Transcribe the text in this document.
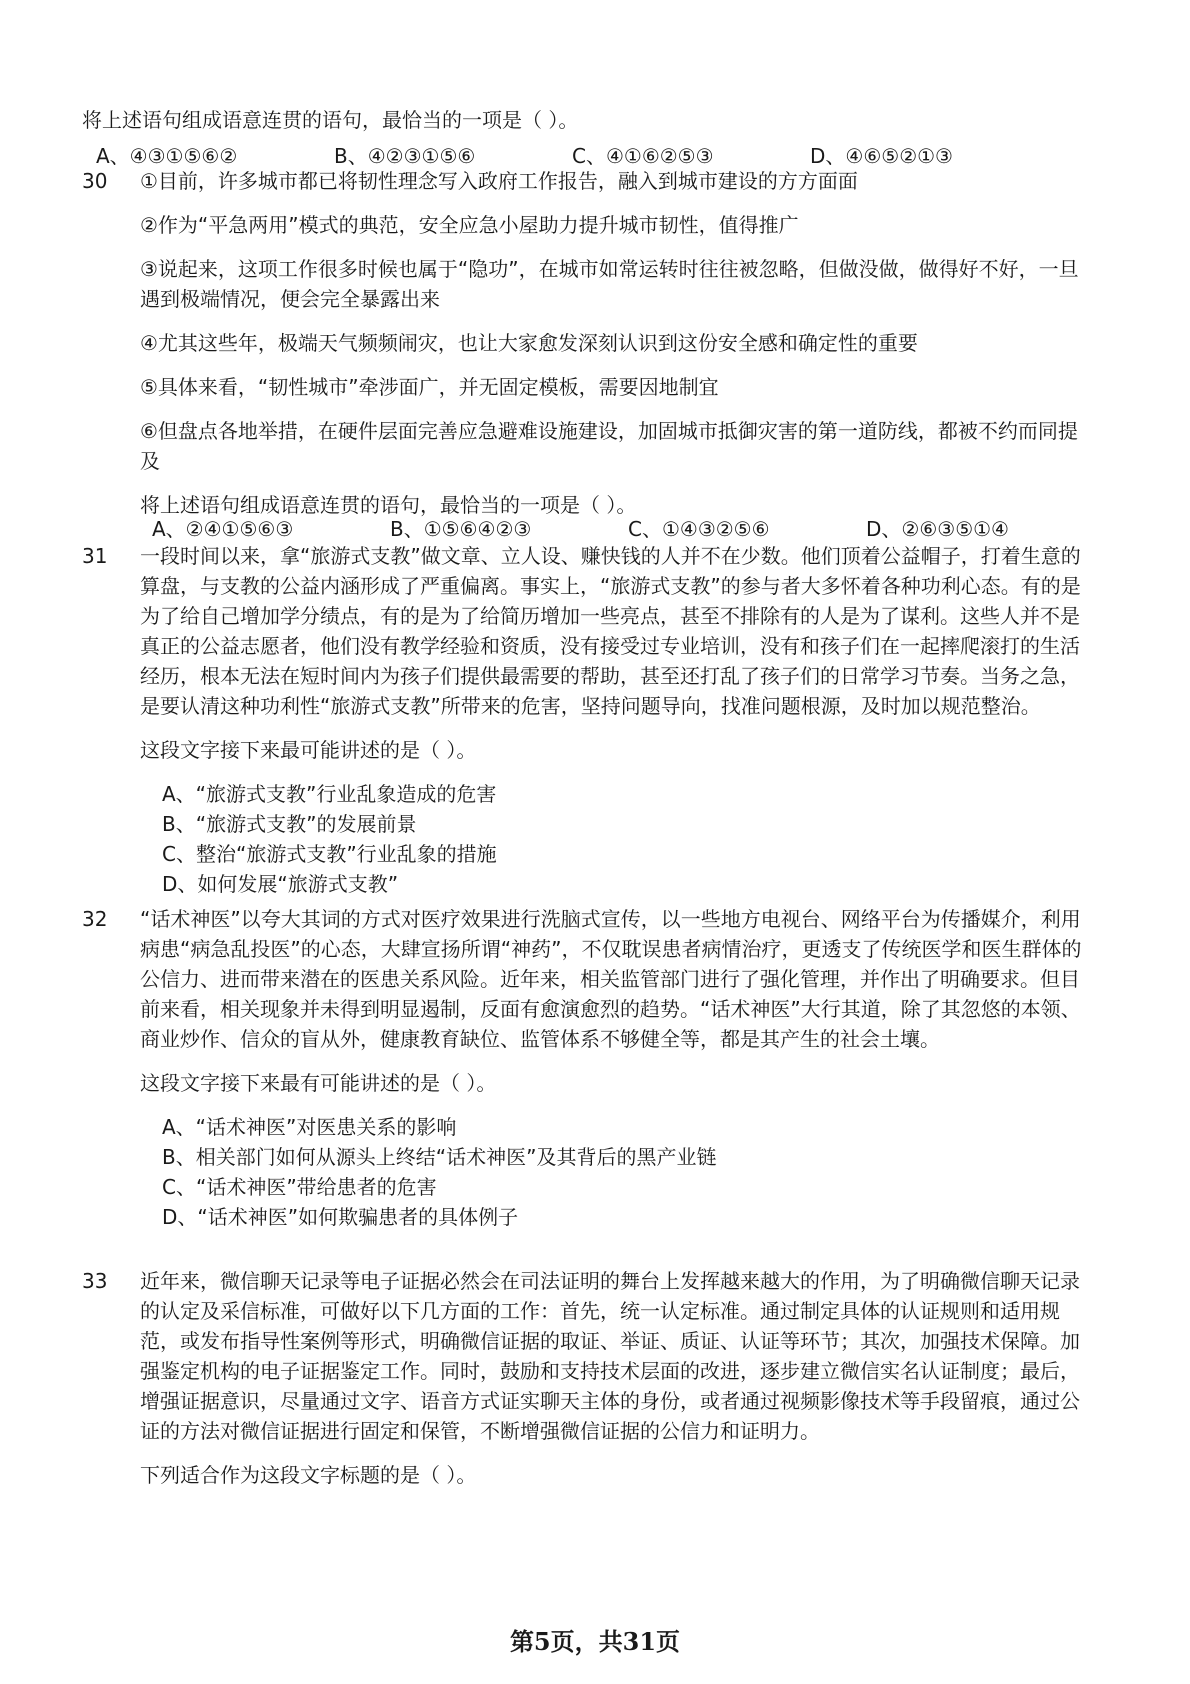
将上述语句组成语意连贯的语句，最恰当的一项是（ ）。
A、④③①⑤⑥②	B、④②③①⑤⑥	C、④①⑥②⑤③	D、④⑥⑤②①③
30	①目前，许多城市都已将韧性理念写入政府工作报告，融入到城市建设的方方面面

②作为“平急两用”模式的典范，安全应急小屋助力提升城市韧性，值得推广

③说起来，这项工作很多时候也属于“隐功”，在城市如常运转时往往被忽略，但做没做，做得好不好，一旦遇到极端情况，便会完全暴露出来

④尤其这些年，极端天气频频闹灾，也让大家愈发深刻认识到这份安全感和确定性的重要

⑤具体来看，“韧性城市”牵涉面广，并无固定模板，需要因地制宜

⑥但盘点各地举措，在硬件层面完善应急避难设施建设，加固城市抵御灾害的第一道防线，都被不约而同提及

将上述语句组成语意连贯的语句，最恰当的一项是（ ）。

A、②④①⑤⑥③	B、①⑤⑥④②③	C、①④③②⑤⑥	D、②⑥③⑤①④
31	一段时间以来，拿“旅游式支教”做文章、立人设、赚快钱的人并不在少数。他们顶着公益帽子，打着生意的算盘，与支教的公益内涵形成了严重偏离。事实上，“旅游式支教”的参与者大多怀着各种功利心态。有的是为了给自己增加学分绩点，有的是为了给简历增加一些亮点，甚至不排除有的人是为了谋利。这些人并不是真正的公益志愿者，他们没有教学经验和资质，没有接受过专业培训，没有和孩子们在一起摔爬滚打的生活经历，根本无法在短时间内为孩子们提供最需要的帮助，甚至还打乱了孩子们的日常学习节奏。当务之急，是要认清这种功利性“旅游式支教”所带来的危害，坚持问题导向，找准问题根源，及时加以规范整治。

这段文字接下来最可能讲述的是（ ）。

A、“旅游式支教”行业乱象造成的危害

B、“旅游式支教”的发展前景

C、整治“旅游式支教”行业乱象的措施

D、如何发展“旅游式支教”

32	“话术神医”以夸大其词的方式对医疗效果进行洗脑式宣传，以一些地方电视台、网络平台为传播媒介，利用病患“病急乱投医”的心态，大肆宣扬所谓“神药”，不仅耽误患者病情治疗，更透支了传统医学和医生群体的公信力、进而带来潜在的医患关系风险。近年来，相关监管部门进行了强化管理，并作出了明确要求。但目前来看，相关现象并未得到明显遏制，反面有愈演愈烈的趋势。“话术神医”大行其道，除了其忽悠的本领、商业炒作、信众的盲从外，健康教育缺位、监管体系不够健全等，都是其产生的社会土壤。

这段文字接下来最有可能讲述的是（ ）。

A、“话术神医”对医患关系的影响

B、相关部门如何从源头上终结“话术神医”及其背后的黑产业链

C、“话术神医”带给患者的危害

D、“话术神医”如何欺骗患者的具体例子

33	近年来，微信聊天记录等电子证据必然会在司法证明的舞台上发挥越来越大的作用，为了明确微信聊天记录的认定及采信标准，可做好以下几方面的工作：首先，统一认定标准。通过制定具体的认证规则和适用规范，或发布指导性案例等形式，明确微信证据的取证、举证、质证、认证等环节；其次，加强技术保障。加强鉴定机构的电子证据鉴定工作。同时，鼓励和支持技术层面的改进，逐步建立微信实名认证制度；最后，增强证据意识，尽量通过文字、语音方式证实聊天主体的身份，或者通过视频影像技术等手段留痕，通过公证的方法对微信证据进行固定和保管，不断增强微信证据的公信力和证明力。

下列适合作为这段文字标题的是（ ）。

第5页，共31页
